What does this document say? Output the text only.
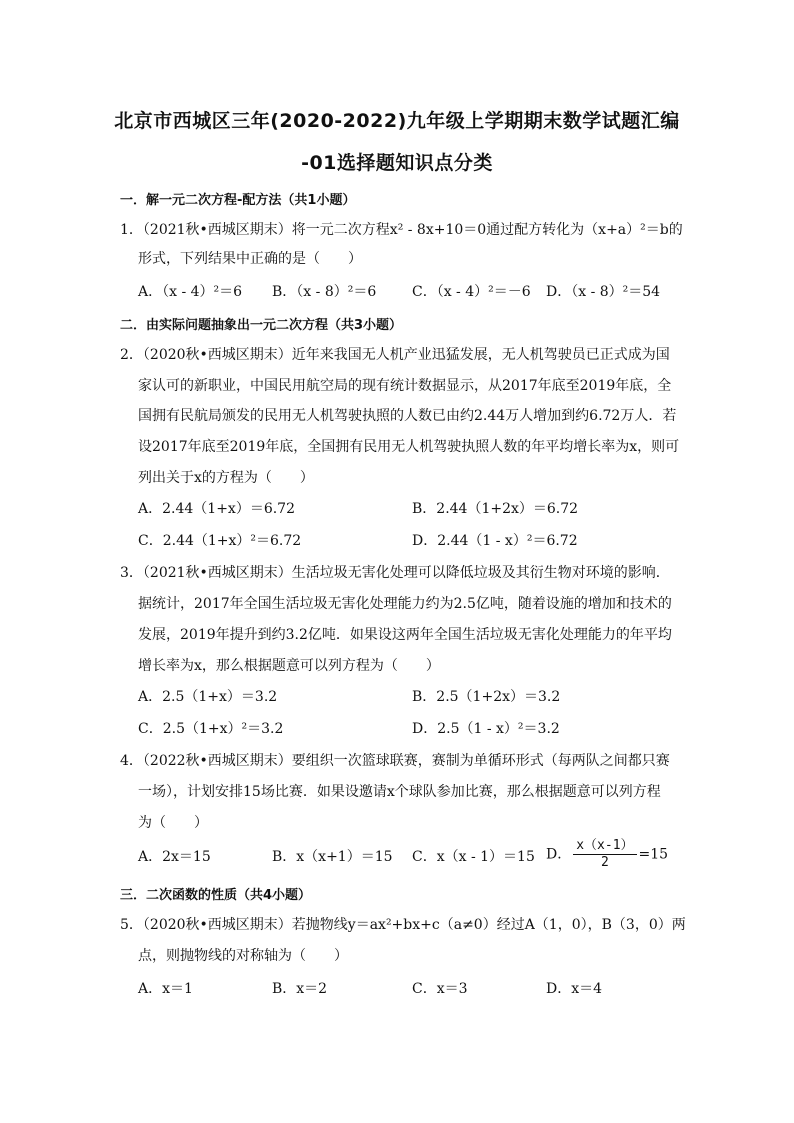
北京市西城区三年(2020-2022)九年级上学期期末数学试题汇编
-01选择题知识点分类
一．解一元二次方程-配方法（共1小题）
1．（2021秋•西城区期末）将一元二次方程x² - 8x+10＝0通过配方转化为（x+a）²＝b的
形式，下列结果中正确的是（　　）
A．（x - 4）²＝6 B．（x - 8）²＝6	C．（x - 4）²＝－6 D．（x - 8）²＝54
二．由实际问题抽象出一元二次方程（共3小题）
2．（2020秋•西城区期末）近年来我国无人机产业迅猛发展，无人机驾驶员已正式成为国
家认可的新职业，中国民用航空局的现有统计数据显示，从2017年底至2019年底，全
国拥有民航局颁发的民用无人机驾驶执照的人数已由约2.44万人增加到约6.72万人．若
设2017年底至2019年底，全国拥有民用无人机驾驶执照人数的年平均增长率为x，则可
列出关于x的方程为（　　）
A．2.44（1+x）＝6.72	B．2.44（1+2x）＝6.72
C．2.44（1+x）²＝6.72	D．2.44（1 - x）²＝6.72
3．（2021秋•西城区期末）生活垃圾无害化处理可以降低垃圾及其衍生物对环境的影响．
据统计，2017年全国生活垃圾无害化处理能力约为2.5亿吨，随着设施的增加和技术的
发展，2019年提升到约3.2亿吨．如果设这两年全国生活垃圾无害化处理能力的年平均
增长率为x，那么根据题意可以列方程为（　　）
A．2.5（1+x）＝3.2	B．2.5（1+2x）＝3.2
C．2.5（1+x）²＝3.2	D．2.5（1 - x）²＝3.2
4．（2022秋•西城区期末）要组织一次篮球联赛，赛制为单循环形式（每两队之间都只赛
一场），计划安排15场比赛．如果设邀请x个球队参加比赛，那么根据题意可以列方程
为（　　）
A．2x＝15	B．x（x+1）＝15 C．x（x - 1）＝15 D． $\frac{x(x-1)}{2} =15$
三．二次函数的性质（共4小题）
5．（2020秋•西城区期末）若抛物线y＝ax²+bx+c（a≠0）经过A（1，0），B（3，0）两
点，则抛物线的对称轴为（　　）
A．x＝1	B．x＝2	C．x＝3	D．x＝4
